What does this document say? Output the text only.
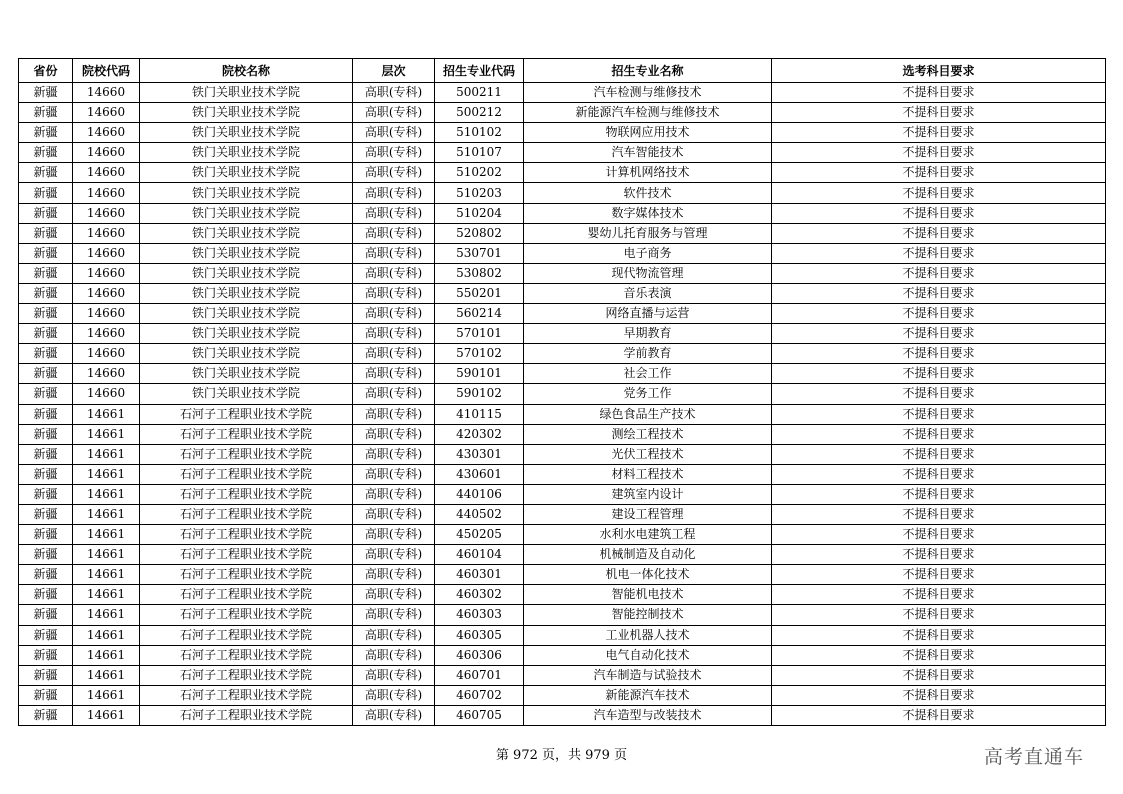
省份	院校代码	院校名称	层次	招生专业代码	招生专业名称	选考科目要求
新疆	14660	铁门关职业技术学院	高职(专科)	500211	汽车检测与维修技术	不提科目要求
新疆	14660	铁门关职业技术学院	高职(专科)	500212	新能源汽车检测与维修技术	不提科目要求
新疆	14660	铁门关职业技术学院	高职(专科)	510102	物联网应用技术	不提科目要求
新疆	14660	铁门关职业技术学院	高职(专科)	510107	汽车智能技术	不提科目要求
新疆	14660	铁门关职业技术学院	高职(专科)	510202	计算机网络技术	不提科目要求
新疆	14660	铁门关职业技术学院	高职(专科)	510203	软件技术	不提科目要求
新疆	14660	铁门关职业技术学院	高职(专科)	510204	数字媒体技术	不提科目要求
新疆	14660	铁门关职业技术学院	高职(专科)	520802	婴幼儿托育服务与管理	不提科目要求
新疆	14660	铁门关职业技术学院	高职(专科)	530701	电子商务	不提科目要求
新疆	14660	铁门关职业技术学院	高职(专科)	530802	现代物流管理	不提科目要求
新疆	14660	铁门关职业技术学院	高职(专科)	550201	音乐表演	不提科目要求
新疆	14660	铁门关职业技术学院	高职(专科)	560214	网络直播与运营	不提科目要求
新疆	14660	铁门关职业技术学院	高职(专科)	570101	早期教育	不提科目要求
新疆	14660	铁门关职业技术学院	高职(专科)	570102	学前教育	不提科目要求
新疆	14660	铁门关职业技术学院	高职(专科)	590101	社会工作	不提科目要求
新疆	14660	铁门关职业技术学院	高职(专科)	590102	党务工作	不提科目要求
新疆	14661	石河子工程职业技术学院	高职(专科)	410115	绿色食品生产技术	不提科目要求
新疆	14661	石河子工程职业技术学院	高职(专科)	420302	测绘工程技术	不提科目要求
新疆	14661	石河子工程职业技术学院	高职(专科)	430301	光伏工程技术	不提科目要求
新疆	14661	石河子工程职业技术学院	高职(专科)	430601	材料工程技术	不提科目要求
新疆	14661	石河子工程职业技术学院	高职(专科)	440106	建筑室内设计	不提科目要求
新疆	14661	石河子工程职业技术学院	高职(专科)	440502	建设工程管理	不提科目要求
新疆	14661	石河子工程职业技术学院	高职(专科)	450205	水利水电建筑工程	不提科目要求
新疆	14661	石河子工程职业技术学院	高职(专科)	460104	机械制造及自动化	不提科目要求
新疆	14661	石河子工程职业技术学院	高职(专科)	460301	机电一体化技术	不提科目要求
新疆	14661	石河子工程职业技术学院	高职(专科)	460302	智能机电技术	不提科目要求
新疆	14661	石河子工程职业技术学院	高职(专科)	460303	智能控制技术	不提科目要求
新疆	14661	石河子工程职业技术学院	高职(专科)	460305	工业机器人技术	不提科目要求
新疆	14661	石河子工程职业技术学院	高职(专科)	460306	电气自动化技术	不提科目要求
新疆	14661	石河子工程职业技术学院	高职(专科)	460701	汽车制造与试验技术	不提科目要求
新疆	14661	石河子工程职业技术学院	高职(专科)	460702	新能源汽车技术	不提科目要求
新疆	14661	石河子工程职业技术学院	高职(专科)	460705	汽车造型与改装技术	不提科目要求
第 972 页，共 979 页	高考直通车
